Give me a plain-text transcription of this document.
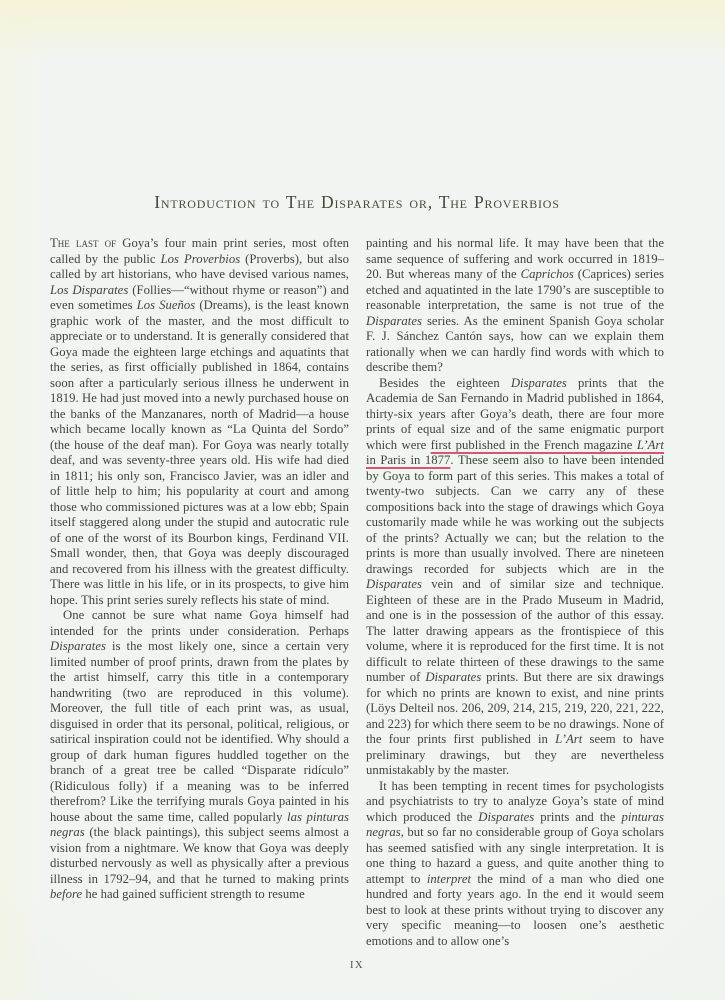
Introduction to The Disparates or, The Proverbios

The last of Goya’s four main print series, most often called by the public Los Proverbios (Proverbs), but also called by art historians, who have devised various names, Los Disparates (Follies—“without rhyme or reason”) and even sometimes Los Sueños (Dreams), is the least known graphic work of the master, and the most difficult to appreciate or to understand. It is generally considered that Goya made the eighteen large etchings and aquatints that the series, as first officially published in 1864, contains soon after a particularly serious illness he underwent in 1819. He had just moved into a newly purchased house on the banks of the Manzanares, north of Madrid—a house which became locally known as “La Quinta del Sordo” (the house of the deaf man). For Goya was nearly totally deaf, and was seventy-three years old. His wife had died in 1811; his only son, Francisco Javier, was an idler and of little help to him; his popularity at court and among those who commissioned pictures was at a low ebb; Spain itself staggered along under the stupid and autocratic rule of one of the worst of its Bourbon kings, Ferdinand VII. Small wonder, then, that Goya was deeply discouraged and recovered from his illness with the greatest difficulty. There was little in his life, or in its prospects, to give him hope. This print series surely reflects his state of mind.

One cannot be sure what name Goya himself had intended for the prints under consideration. Perhaps Disparates is the most likely one, since a certain very limited number of proof prints, drawn from the plates by the artist himself, carry this title in a contemporary handwriting (two are reproduced in this volume). Moreover, the full title of each print was, as usual, disguised in order that its personal, political, religious, or satirical inspiration could not be identified. Why should a group of dark human figures huddled together on the branch of a great tree be called “Disparate ridículo” (Ridiculous folly) if a meaning was to be inferred therefrom? Like the terrifying murals Goya painted in his house about the same time, called popularly las pinturas negras (the black paintings), this subject seems almost a vision from a nightmare. We know that Goya was deeply disturbed nervously as well as physically after a previous illness in 1792–94, and that he turned to making prints before he had gained sufficient strength to resume

painting and his normal life. It may have been that the same sequence of suffering and work occurred in 1819–20. But whereas many of the Caprichos (Caprices) series etched and aquatinted in the late 1790’s are susceptible to reasonable interpretation, the same is not true of the Disparates series. As the eminent Spanish Goya scholar F. J. Sánchez Cantón says, how can we explain them rationally when we can hardly find words with which to describe them?

Besides the eighteen Disparates prints that the Academia de San Fernando in Madrid published in 1864, thirty-six years after Goya’s death, there are four more prints of equal size and of the same enigmatic purport which were first published in the French magazine L’Art in Paris in 1877. These seem also to have been intended by Goya to form part of this series. This makes a total of twenty-two subjects. Can we carry any of these compositions back into the stage of drawings which Goya customarily made while he was working out the subjects of the prints? Actually we can; but the relation to the prints is more than usually involved. There are nineteen drawings recorded for subjects which are in the Disparates vein and of similar size and technique. Eighteen of these are in the Prado Museum in Madrid, and one is in the possession of the author of this essay. The latter drawing appears as the frontispiece of this volume, where it is reproduced for the first time. It is not difficult to relate thirteen of these drawings to the same number of Disparates prints. But there are six drawings for which no prints are known to exist, and nine prints (Löys Delteil nos. 206, 209, 214, 215, 219, 220, 221, 222, and 223) for which there seem to be no drawings. None of the four prints first published in L’Art seem to have preliminary drawings, but they are nevertheless unmistakably by the master.

It has been tempting in recent times for psychologists and psychiatrists to try to analyze Goya’s state of mind which produced the Disparates prints and the pinturas negras, but so far no considerable group of Goya scholars has seemed satisfied with any single interpretation. It is one thing to hazard a guess, and quite another thing to attempt to interpret the mind of a man who died one hundred and forty years ago. In the end it would seem best to look at these prints without trying to discover any very specific meaning—to loosen one’s aesthetic emotions and to allow one’s

IX
